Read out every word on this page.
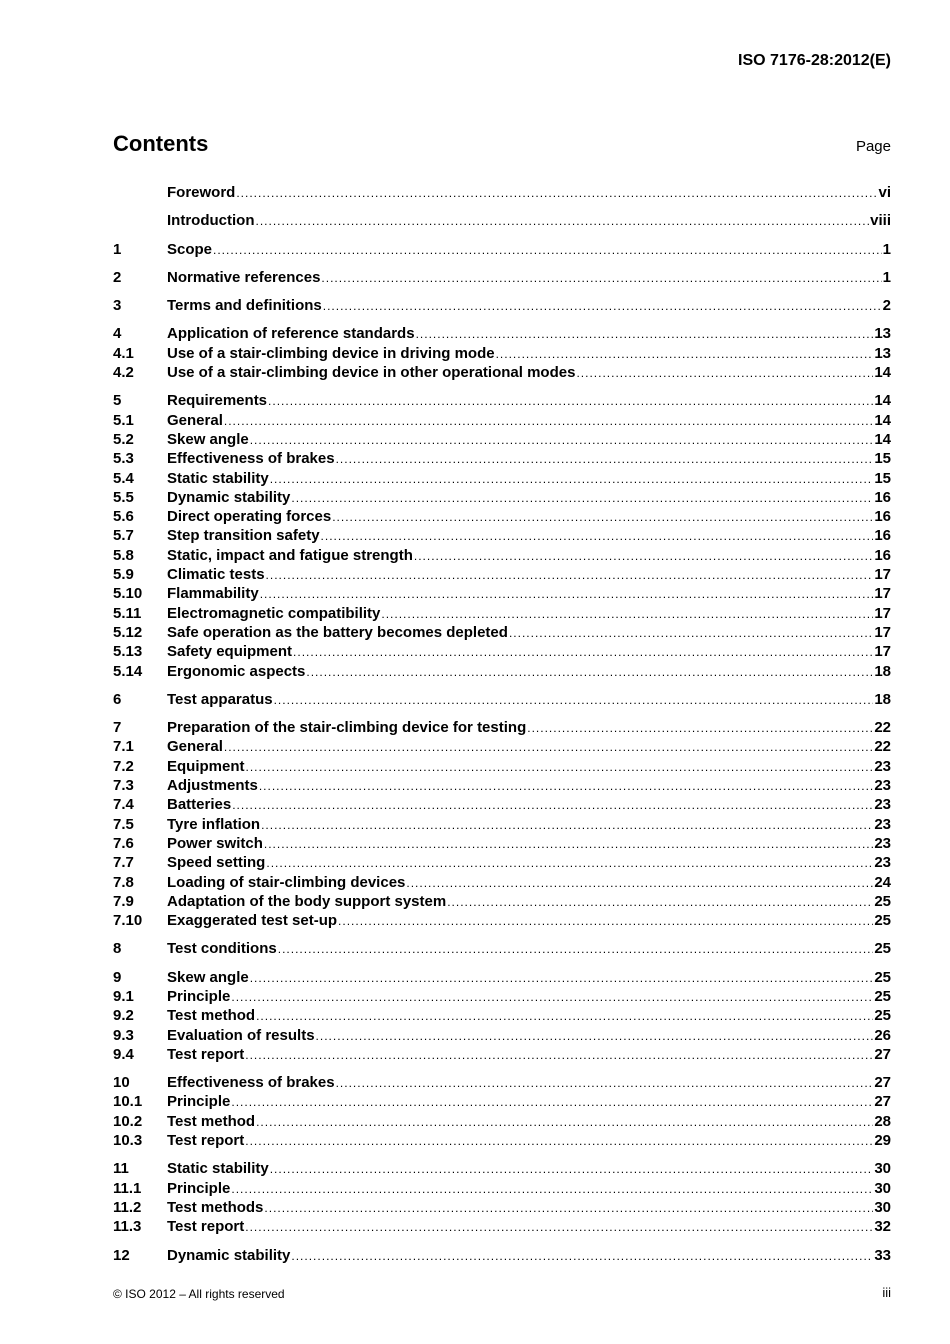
ISO 7176-28:2012(E)
Contents	Page
Foreword .....	vi
Introduction .....	viii
1	Scope .....	1
2	Normative references .....	1
3	Terms and definitions .....	2
4	Application of reference standards .....	13
4.1	Use of a stair-climbing device in driving mode .....	13
4.2	Use of a stair-climbing device in other operational modes .....	14
5	Requirements .....	14
5.1	General .....	14
5.2	Skew angle .....	14
5.3	Effectiveness of brakes .....	15
5.4	Static stability .....	15
5.5	Dynamic stability .....	16
5.6	Direct operating forces .....	16
5.7	Step transition safety .....	16
5.8	Static, impact and fatigue strength .....	16
5.9	Climatic tests .....	17
5.10	Flammability .....	17
5.11	Electromagnetic compatibility .....	17
5.12	Safe operation as the battery becomes depleted .....	17
5.13	Safety equipment .....	17
5.14	Ergonomic aspects .....	18
6	Test apparatus .....	18
7	Preparation of the stair-climbing device for testing .....	22
7.1	General .....	22
7.2	Equipment .....	23
7.3	Adjustments .....	23
7.4	Batteries .....	23
7.5	Tyre inflation .....	23
7.6	Power switch .....	23
7.7	Speed setting .....	23
7.8	Loading of stair-climbing devices .....	24
7.9	Adaptation of the body support system .....	25
7.10	Exaggerated test set-up .....	25
8	Test conditions .....	25
9	Skew angle .....	25
9.1	Principle .....	25
9.2	Test method .....	25
9.3	Evaluation of results .....	26
9.4	Test report .....	27
10	Effectiveness of brakes .....	27
10.1	Principle .....	27
10.2	Test method .....	28
10.3	Test report .....	29
11	Static stability .....	30
11.1	Principle .....	30
11.2	Test methods .....	30
11.3	Test report .....	32
12	Dynamic stability .....	33
© ISO 2012 – All rights reserved	iii
